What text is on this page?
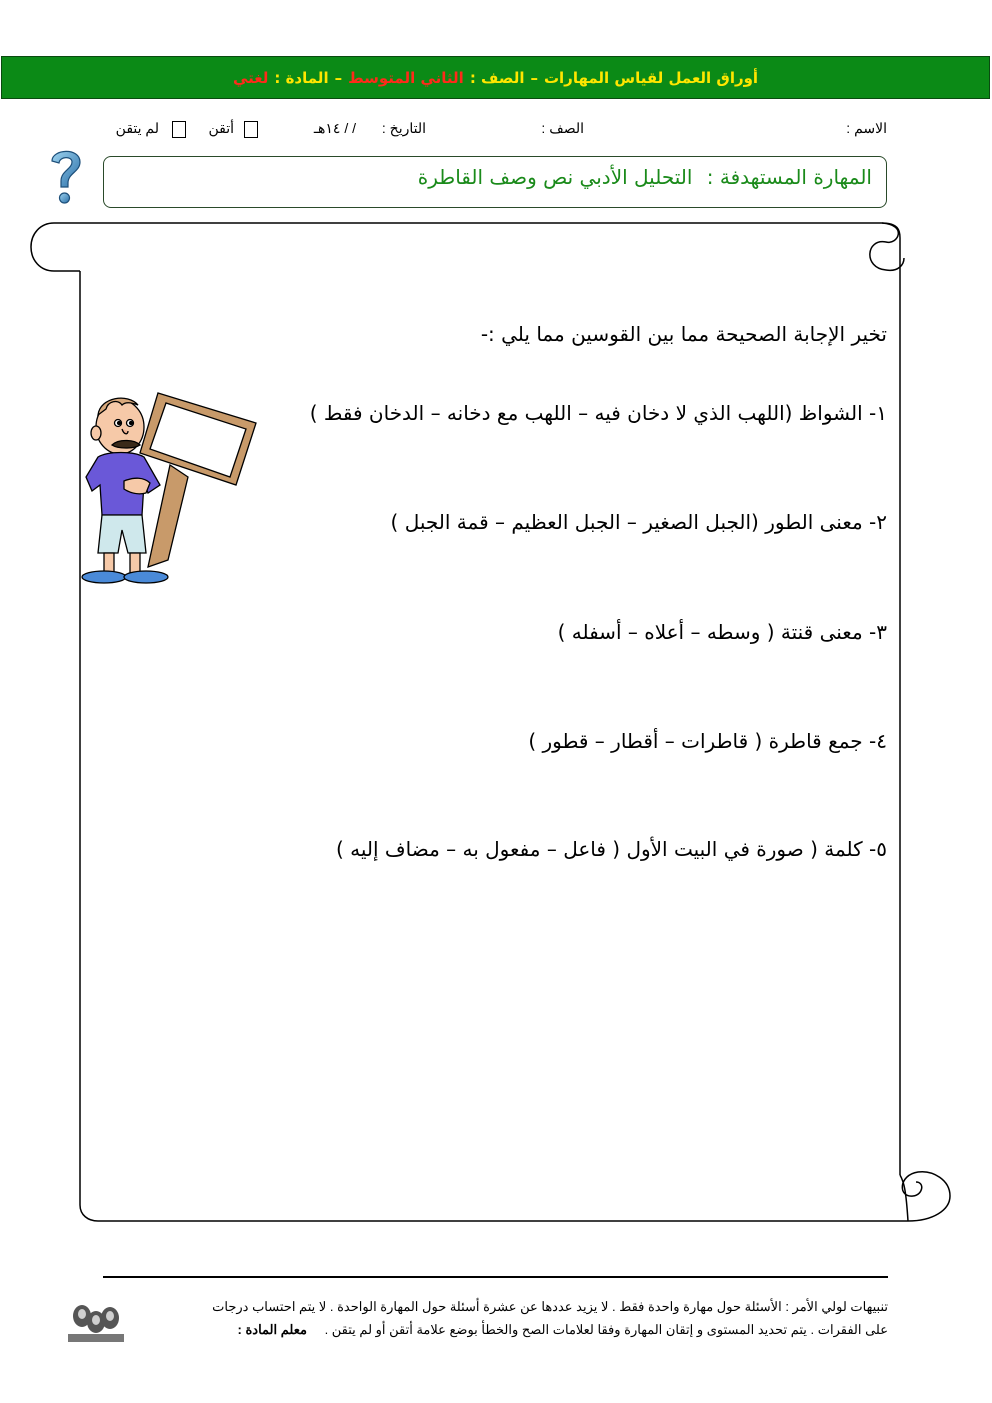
أوراق العمل لقياس المهارات
–
الصف :
الثاني المتوسط
–
المادة :
لغتي
الاسم :
الصف :
التاريخ :
/ / ١٤هـ
أتقن
لم يتقن
المهارة المستهدفة : التحليل الأدبي نص وصف القاطرة
تخير الإجابة الصحيحة مما بين القوسين مما يلي :-
١- الشواظ (اللهب الذي لا دخان فيه – اللهب مع دخانه – الدخان فقط )
٢- معنى الطور (الجبل الصغير – الجبل العظيم – قمة الجبل )
٣- معنى قنتة ( وسطه – أعلاه – أسفله )
٤- جمع قاطرة ( قاطرات – أقطار – قطور )
٥- كلمة ( صورة في البيت الأول ( فاعل – مفعول به – مضاف إليه )
تنبيهات لولي الأمر : الأسئلة حول مهارة واحدة فقط . لا يزيد عددها عن عشرة أسئلة حول المهارة الواحدة . لا يتم احتساب درجات
على الفقرات . يتم تحديد المستوى و إتقان المهارة وفقا لعلامات الصح والخطأ بوضع علامة أتقن أو لم يتقن . معلم المادة :
